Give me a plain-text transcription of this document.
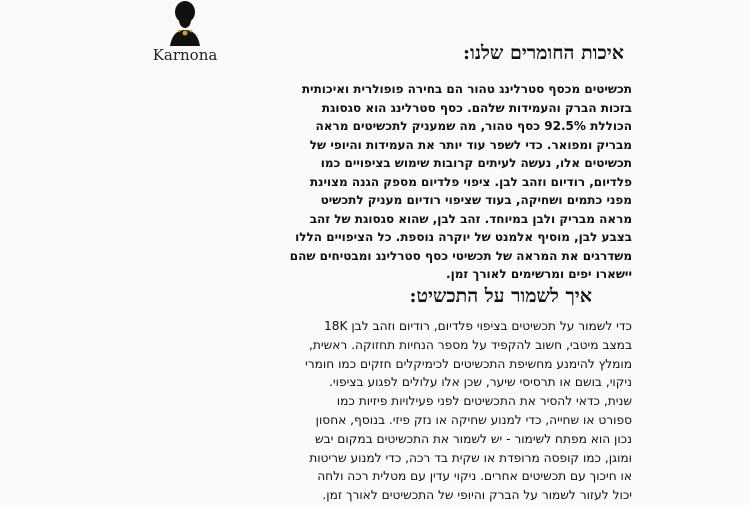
Karnona	איכות החומרים שלנו:
תכשיטים מכסף סטרלינג טהור הם בחירה פופולרית ואיכותית
בזכות הברק והעמידות שלהם. כסף סטרלינג הוא סגסוגת
הכוללת 92.5% כסף טהור, מה שמעניק לתכשיטים מראה
מבריק ומפואר. כדי לשפר עוד יותר את העמידות והיופי של
תכשיטים אלו, נעשה לעיתים קרובות שימוש בציפויים כמו
פלדיום, רודיום וזהב לבן. ציפוי פלדיום מספק הגנה מצוינת
מפני כתמים ושחיקה, בעוד שציפוי רודיום מעניק לתכשיט
מראה מבריק ולבן במיוחד. זהב לבן, שהוא סגסוגת של זהב
בצבע לבן, מוסיף אלמנט של יוקרה נוספת. כל הציפויים הללו
משדרגים את המראה של תכשיטי כסף סטרלינג ומבטיחים שהם
יישארו יפים ומרשימים לאורך זמן.
איך לשמור על התכשיט:
כדי לשמור על תכשיטים בציפוי פלדיום, רודיום וזהב לבן 18K
במצב מיטבי, חשוב להקפיד על מספר הנחיות תחזוקה. ראשית,
מומלץ להימנע מחשיפת התכשיטים לכימיקלים חזקים כמו חומרי
ניקוי, בושם או תרסיסי שיער, שכן אלו עלולים לפגוע בציפוי.
שנית, כדאי להסיר את התכשיטים לפני פעילויות פיזיות כמו
ספורט או שחייה, כדי למנוע שחיקה או נזק פיזי. בנוסף, אחסון
נכון הוא מפתח לשימור - יש לשמור את התכשיטים במקום יבש
ומוגן, כמו קופסה מרופדת או שקית בד רכה, כדי למנוע שריטות
או חיכוך עם תכשיטים אחרים. ניקוי עדין עם מטלית רכה ולחה
יכול לעזור לשמור על הברק והיופי של התכשיטים לאורך זמן.
